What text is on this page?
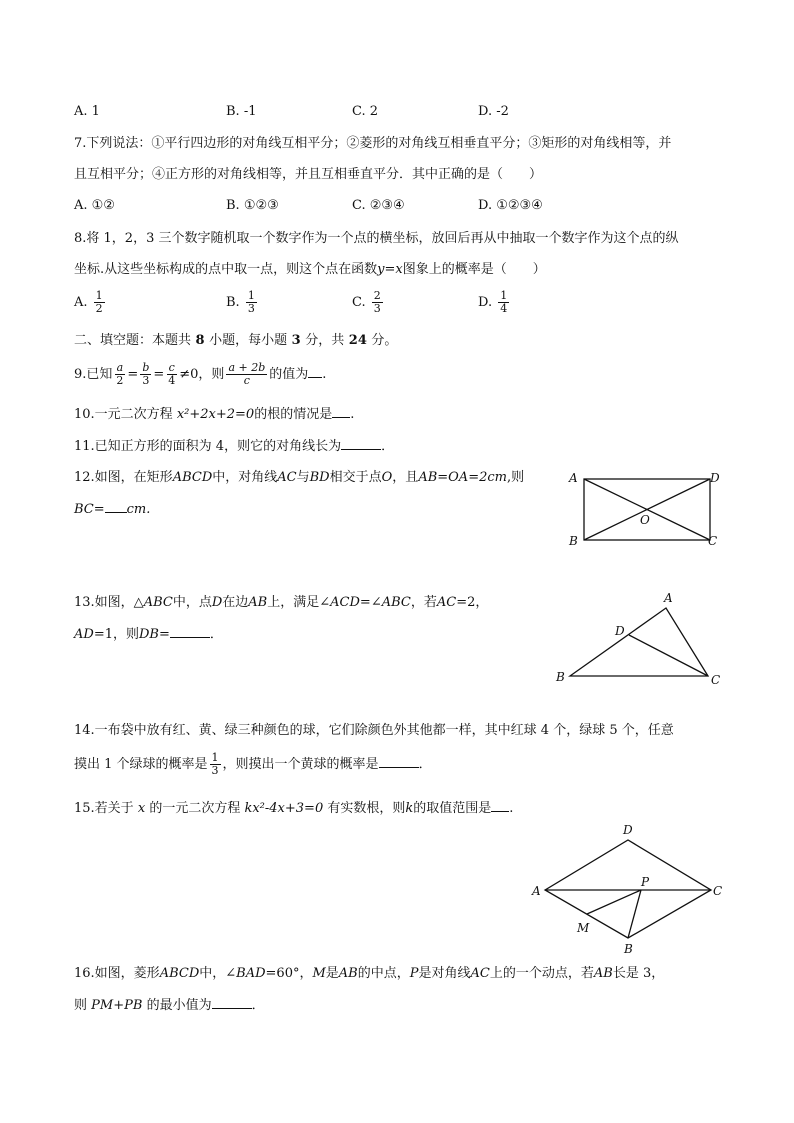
A. 1	B. -1	C. 2	D. -2
7.下列说法：①平行四边形的对角线互相平分；②菱形的对角线互相垂直平分；③矩形的对角线相等，并
且互相平分；④正方形的对角线相等，并且互相垂直平分．其中正确的是（　　）
A. ①②	B. ①②③	C. ②③④	D. ①②③④
8.将 1，2，3 三个数字随机取一个数字作为一个点的横坐标，放回后再从中抽取一个数字作为这个点的纵
坐标.从这些坐标构成的点中取一点，则这个点在函数y=x图象上的概率是（　　）
A. $\frac{1}{2}$	B. $\frac{1}{3}$	C. $\frac{2}{3}$	D. $\frac{1}{4}$
二、填空题：本题共 8 小题，每小题 3 分，共 24 分。
9.已知 $\frac{a}{2} = \frac{b}{3} = \frac{c}{4} \ne 0$，则 $\frac{a + 2b}{c}$ 的值为 .
10.一元二次方程 x²+2x+2=0的根的情况是 .
11.已知正方形的面积为 4，则它的对角线长为	．
12.如图，在矩形ABCD中，对角线AC与BD相交于点O，且AB=OA=2cm,则
BC= cm.
A	D
B	C
O
13.如图，△ABC中，点D在边AB上，满足∠ACD=∠ABC，若AC=2，
AD=1，则DB=	．
A
D
B	C
14.一布袋中放有红、黄、绿三种颜色的球，它们除颜色外其他都一样，其中红球 4 个，绿球 5 个，任意
摸出 1 个绿球的概率是 $\frac{1}{3}$ ，则摸出一个黄球的概率是	．
15.若关于 x 的一元二次方程 kx²-4x+3=0 有实数根，则k的取值范围是 .
D
A	C
P
M
B
16.如图，菱形ABCD中，∠BAD=60°，M是AB的中点，P是对角线AC上的一个动点，若AB长是 3，
则 PM+PB 的最小值为	．
